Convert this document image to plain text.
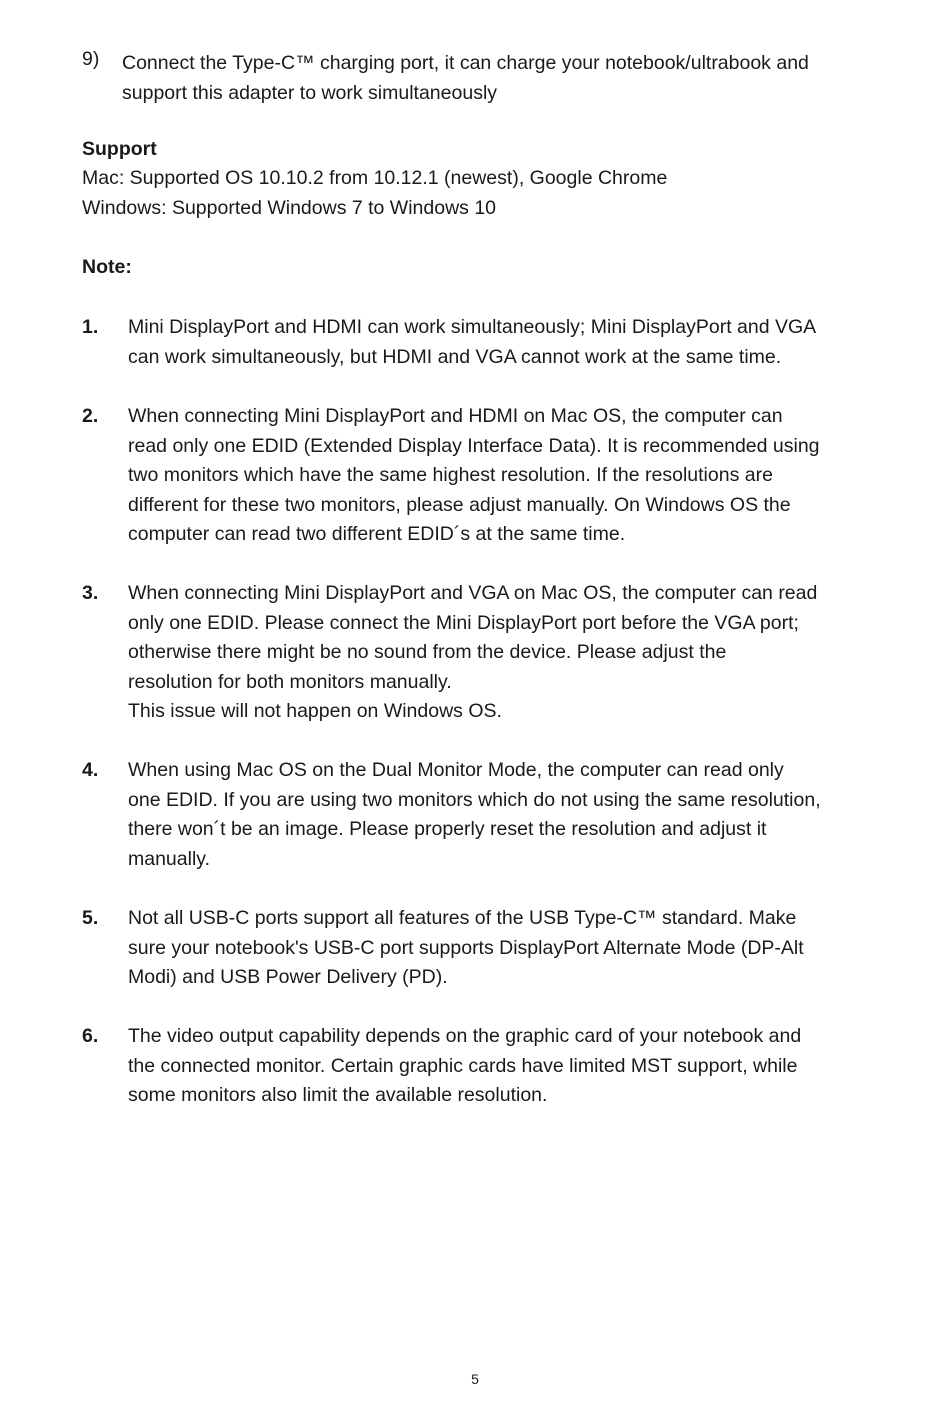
9) Connect the Type-C™ charging port, it can charge your notebook/ultrabook and
support this adapter to work simultaneously
Support
Mac: Supported OS 10.10.2 from 10.12.1 (newest), Google Chrome
Windows: Supported Windows 7 to Windows 10
Note:
1. Mini DisplayPort and HDMI can work simultaneously; Mini DisplayPort and VGA
can work simultaneously, but HDMI and VGA cannot work at the same time.
2. When connecting Mini DisplayPort and HDMI on Mac OS, the computer can
read only one EDID (Extended Display Interface Data). It is recommended using
two monitors which have the same highest resolution. If the resolutions are
different for these two monitors, please adjust manually. On Windows OS the
computer can read two different EDID´s at the same time.
3. When connecting Mini DisplayPort and VGA on Mac OS, the computer can read
only one EDID. Please connect the Mini DisplayPort port before the VGA port;
otherwise there might be no sound from the device. Please adjust the
resolution for both monitors manually.
This issue will not happen on Windows OS.
4. When using Mac OS on the Dual Monitor Mode, the computer can read only
one EDID. If you are using two monitors which do not using the same resolution,
there won´t be an image. Please properly reset the resolution and adjust it
manually.
5. Not all USB-C ports support all features of the USB Type-C™ standard. Make
sure your notebook's USB-C port supports DisplayPort Alternate Mode (DP-Alt
Modi) and USB Power Delivery (PD).
6. The video output capability depends on the graphic card of your notebook and
the connected monitor. Certain graphic cards have limited MST support, while
some monitors also limit the available resolution.
5
